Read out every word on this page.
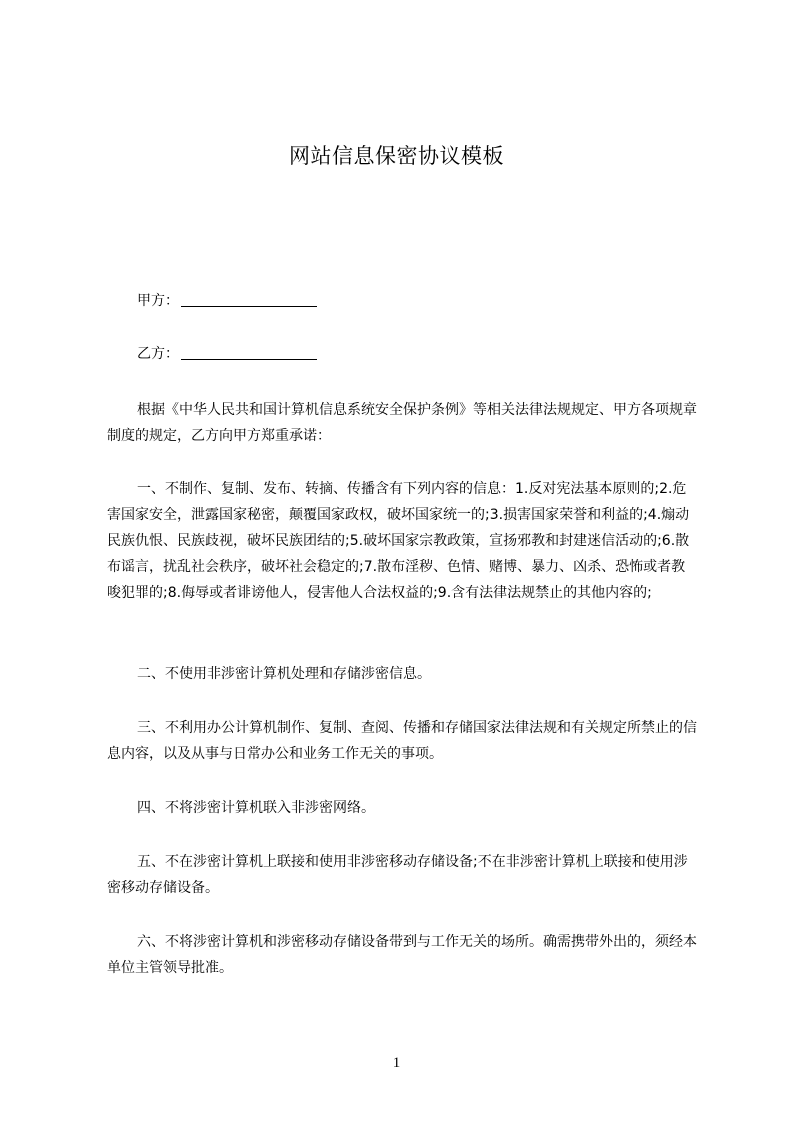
网站信息保密协议模板
甲方：
乙方：

根据《中华人民共和国计算机信息系统安全保护条例》等相关法律法规规定、甲方各项规章制度的规定，乙方向甲方郑重承诺：

一、不制作、复制、发布、转摘、传播含有下列内容的信息：1.反对宪法基本原则的;2.危害国家安全，泄露国家秘密，颠覆国家政权，破坏国家统一的;3.损害国家荣誉和利益的;4.煽动民族仇恨、民族歧视，破坏民族团结的;5.破坏国家宗教政策，宣扬邪教和封建迷信活动的;6.散布谣言，扰乱社会秩序，破坏社会稳定的;7.散布淫秽、色情、赌博、暴力、凶杀、恐怖或者教唆犯罪的;8.侮辱或者诽谤他人，侵害他人合法权益的;9.含有法律法规禁止的其他内容的;

二、不使用非涉密计算机处理和存储涉密信息。

三、不利用办公计算机制作、复制、查阅、传播和存储国家法律法规和有关规定所禁止的信息内容，以及从事与日常办公和业务工作无关的事项。

四、不将涉密计算机联入非涉密网络。

五、不在涉密计算机上联接和使用非涉密移动存储设备;不在非涉密计算机上联接和使用涉密移动存储设备。

六、不将涉密计算机和涉密移动存储设备带到与工作无关的场所。确需携带外出的，须经本单位主管领导批准。

1
